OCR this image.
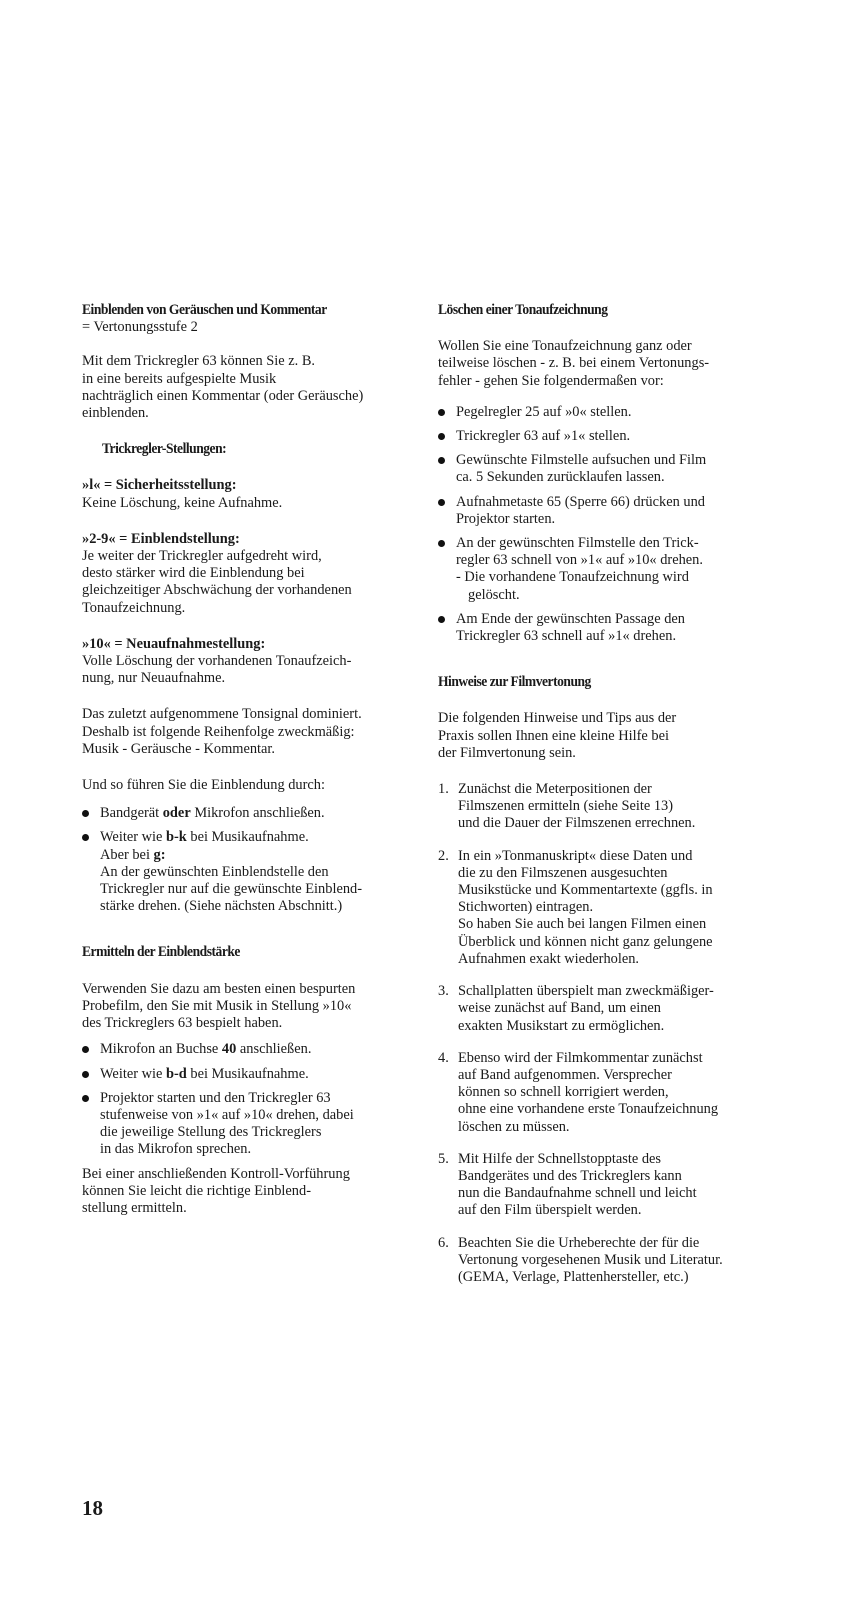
Einblenden von Geräuschen und Kommentar
= Vertonungsstufe 2
Mit dem Trickregler 63 können Sie z. B.
in eine bereits aufgespielte Musik
nachträglich einen Kommentar (oder Geräusche)
einblenden.
Trickregler-Stellungen:
»l« = Sicherheitsstellung:
Keine Löschung, keine Aufnahme.
»2-9« = Einblendstellung:
Je weiter der Trickregler aufgedreht wird,
desto stärker wird die Einblendung bei
gleichzeitiger Abschwächung der vorhandenen
Tonaufzeichnung.
»10« = Neuaufnahmestellung:
Volle Löschung der vorhandenen Tonaufzeich-
nung, nur Neuaufnahme.
Das zuletzt aufgenommene Tonsignal dominiert.
Deshalb ist folgende Reihenfolge zweckmäßig:
Musik - Geräusche - Kommentar.
Und so führen Sie die Einblendung durch:
Bandgerät oder Mikrofon anschließen.
Weiter wie b-k bei Musikaufnahme.
Aber bei g:
An der gewünschten Einblendstelle den
Trickregler nur auf die gewünschte Einblend-
stärke drehen. (Siehe nächsten Abschnitt.)
Ermitteln der Einblendstärke
Verwenden Sie dazu am besten einen bespurten
Probefilm, den Sie mit Musik in Stellung »10«
des Trickreglers 63 bespielt haben.
Mikrofon an Buchse 40 anschließen.
Weiter wie b-d bei Musikaufnahme.
Projektor starten und den Trickregler 63
stufenweise von »1« auf »10« drehen, dabei
die jeweilige Stellung des Trickreglers
in das Mikrofon sprechen.
Bei einer anschließenden Kontroll-Vorführung
können Sie leicht die richtige Einblend-
stellung ermitteln.
Löschen einer Tonaufzeichnung
Wollen Sie eine Tonaufzeichnung ganz oder
teilweise löschen - z. B. bei einem Vertonungs-
fehler - gehen Sie folgendermaßen vor:
Pegelregler 25 auf »0« stellen.
Trickregler 63 auf »1« stellen.
Gewünschte Filmstelle aufsuchen und Film
ca. 5 Sekunden zurücklaufen lassen.
Aufnahmetaste 65 (Sperre 66) drücken und
Projektor starten.
An der gewünschten Filmstelle den Trick-
regler 63 schnell von »1« auf »10« drehen.
- Die vorhandene Tonaufzeichnung wird
gelöscht.
Am Ende der gewünschten Passage den
Trickregler 63 schnell auf »1« drehen.
Hinweise zur Filmvertonung
Die folgenden Hinweise und Tips aus der
Praxis sollen Ihnen eine kleine Hilfe bei
der Filmvertonung sein.
1. Zunächst die Meterpositionen der
Filmszenen ermitteln (siehe Seite 13)
und die Dauer der Filmszenen errechnen.
2. In ein »Tonmanuskript« diese Daten und
die zu den Filmszenen ausgesuchten
Musikstücke und Kommentartexte (ggfls. in
Stichworten) eintragen.
So haben Sie auch bei langen Filmen einen
Überblick und können nicht ganz gelungene
Aufnahmen exakt wiederholen.
3. Schallplatten überspielt man zweckmäßiger-
weise zunächst auf Band, um einen
exakten Musikstart zu ermöglichen.
4. Ebenso wird der Filmkommentar zunächst
auf Band aufgenommen. Versprecher
können so schnell korrigiert werden,
ohne eine vorhandene erste Tonaufzeichnung
löschen zu müssen.
5. Mit Hilfe der Schnellstopptaste des
Bandgerätes und des Trickreglers kann
nun die Bandaufnahme schnell und leicht
auf den Film überspielt werden.
6. Beachten Sie die Urheberechte der für die
Vertonung vorgesehenen Musik und Literatur.
(GEMA, Verlage, Plattenhersteller, etc.)
18
